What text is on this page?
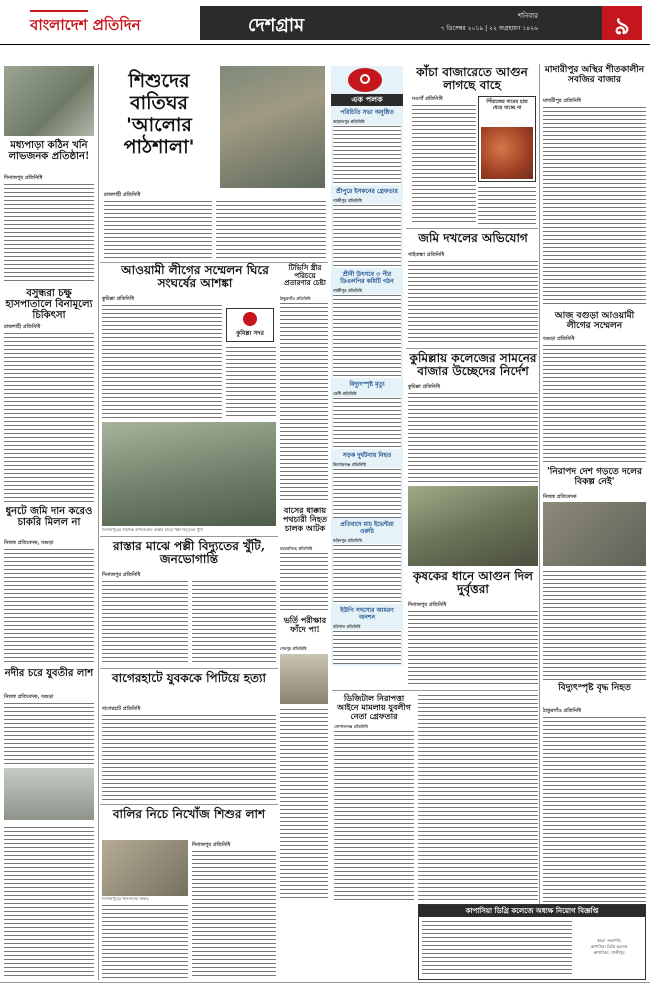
বাংলাদেশ প্রতিদিন	দেশগ্রাম	শনিবার
৭ ডিসেম্বর ২০১৯ | ২২ অগ্রহায়ণ ১৪২৬	৯
মধ্যপাড়া কঠিন খনি লাভজনক প্রতিষ্ঠান!
দিনাজপুর প্রতিনিধি
বসুন্ধরা চক্ষু হাসপাতালে বিনামূল্যে চিকিৎসা
রাজশাহী প্রতিনিধি
ধুনটে জমি দান করেও চাকরি মিলল না
নিজস্ব প্রতিবেদক, বগুড়া
নদীর চরে যুবতীর লাশ
নিজস্ব প্রতিবেদক, বগুড়া
শিশুদের বাতিঘর 'আলোর পাঠশালা'
রাজশাহী প্রতিনিধি
এক পলক
পরিচিতি সভা অনুষ্ঠিত
জামালপুর প্রতিনিধি
শ্রীপুরে ইসকনের গ্রেফতার
গাজীপুর প্রতিনিধি
শ্রীনী উৎসবে ৩ পীর ডিএলপির কমিটি গঠন
গাজীপুর প্রতিনিধি
বিদ্যুৎস্পৃষ্ট মৃত্যু
ফেনী প্রতিনিধি
সড়ক দুর্ঘটনায় নিহত
কিশোরগঞ্জ প্রতিনিধি
প্রতিবাদে মাচ ইভেন্টরা ওরুচি
ফরিদপুর প্রতিনিধি
ইউপি সদস্যের আমরণ অনশন
বরিশাল প্রতিনিধি
কাঁচা বাজারেতে আগুন লাগছে বাহে
নওগাঁ প্রতিনিধি	পিঁয়াজের দামের হাত ধেয়ে যাচ্ছে না
মাদারীপুর অস্থির শীতকালীন সবজির বাজার
মাদারীপুর প্রতিনিধি
আজ বগুড়া আওয়ামী লীগের সম্মেলন
বগুড়া প্রতিনিধি
'নিরাপদ দেশ গড়তে দলের বিকল্প নেই'
নিজস্ব প্রতিবেদক
বিদ্যুৎস্পৃষ্ট বৃদ্ধ নিহত
ঠাকুরগাঁও প্রতিনিধি
আওয়ামী লীগের সম্মেলন ঘিরে সংঘর্ষের আশঙ্কা
কুমিল্লা প্রতিনিধি
কুমিল্লা সদর
টিভিসি স্ত্রীর পরিচয়ে প্রতারণার চেষ্টা
ঠাকুরগাঁও প্রতিনিধি
দিনাজপুরের বীরগঞ্জ উপজেলার রাস্তার মাঝে পল্লী বিদ্যুতের খুঁটি
বাসের ধাক্কায় পথচারী নিহত চালক আটক
ময়মনসিংহ প্রতিনিধি
রাস্তার মাঝে পল্লী বিদ্যুতের খুঁটি, জনভোগান্তি
দিনাজপুর প্রতিনিধি
ভর্তি পরীক্ষার ফাঁদে পা!
শেরপুর প্রতিনিধি
বাগেরহাটে যুবককে পিটিয়ে হত্যা
বাগেরহাট প্রতিনিধি
বালির নিচে নিখোঁজ শিশুর লাশ
দিনাজপুরের খানসামায় উদ্ধার
দিনাজপুর প্রতিনিধি
জমি দখলের অভিযোগ
গাইবান্ধা প্রতিনিধি
কুমিল্লায় কলেজের সামনের বাজার উচ্ছেদের নির্দেশ
কুমিল্লা প্রতিনিধি
কৃষকের ধানে আগুন দিল দুর্বৃত্তরা
দিনাজপুর প্রতিনিধি
ডিজিটাল নিরাপত্তা আইনে মামলায় যুবলীগ নেতা গ্রেফতার
গোপালগঞ্জ প্রতিনিধি
কাপাসিয়া ডিগ্রি কলেজে অধ্যক্ষ নিয়োগ বিজ্ঞপ্তি
স্বাঃ/- সভাপতি
কাপাসিয়া ডিগ্রি কলেজ
কাপাসিয়া, গাজীপুর
